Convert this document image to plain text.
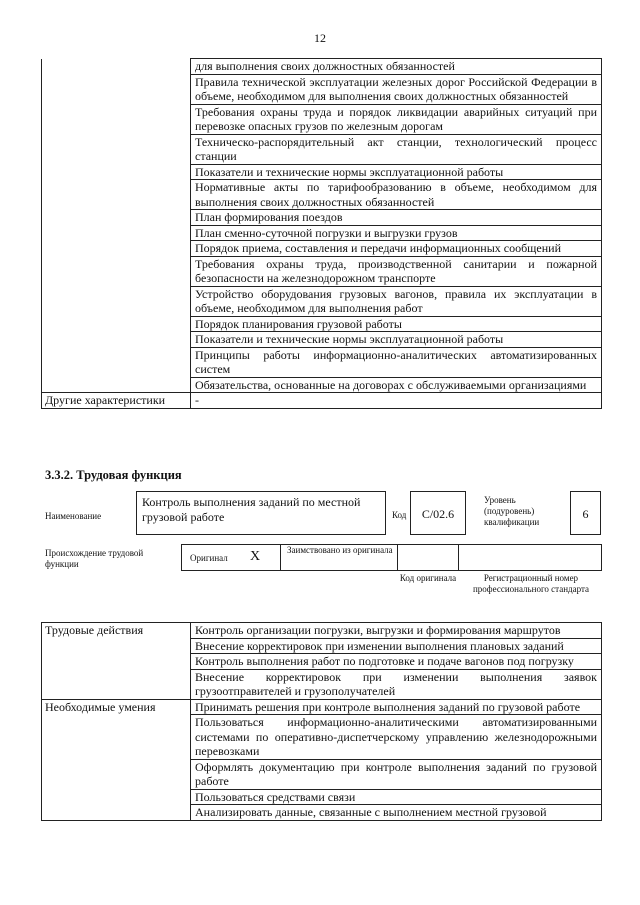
12
	для выполнения своих должностных обязанностей
	Правила технической эксплуатации железных дорог Российской Федерации в объеме, необходимом для выполнения своих должностных обязанностей
	Требования охраны труда и порядок ликвидации аварийных ситуаций при перевозке опасных грузов по железным дорогам
	Техническо-распорядительный акт станции, технологический процесс станции
	Показатели и технические нормы эксплуатационной работы
	Нормативные акты по тарифообразованию в объеме, необходимом для выполнения своих должностных обязанностей
	План формирования поездов
	План сменно-суточной погрузки и выгрузки грузов
	Порядок приема, составления и передачи информационных сообщений
	Требования охраны труда, производственной санитарии и пожарной безопасности на железнодорожном транспорте
	Устройство оборудования грузовых вагонов, правила их эксплуатации в объеме, необходимом для выполнения работ
	Порядок планирования грузовой работы
	Показатели и технические нормы эксплуатационной работы
	Принципы работы информационно-аналитических автоматизированных систем
	Обязательства, основанные на договорах с обслуживаемыми организациями
Другие характеристики	-
3.3.2. Трудовая функция
Наименование
Контроль выполнения заданий по местной грузовой работе	Код	C/02.6
Уровень (подуровень) квалификации
6
Происхождение трудовой функции
Оригинал X	Заимствовано из оригинала
Код оригинала	Регистрационный номер профессионального стандарта
Трудовые действия	Контроль организации погрузки, выгрузки и формирования маршрутов
	Внесение корректировок при изменении выполнения плановых заданий
	Контроль выполнения работ по подготовке и подаче вагонов под погрузку
	Внесение корректировок при изменении выполнения заявок грузоотправителей и грузополучателей
Необходимые умения	Принимать решения при контроле выполнения заданий по грузовой работе
	Пользоваться информационно-аналитическими автоматизированными системами по оперативно-диспетчерскому управлению железнодорожными перевозками
	Оформлять документацию при контроле выполнения заданий по грузовой работе
	Пользоваться средствами связи
	Анализировать данные, связанные с выполнением местной грузовой
